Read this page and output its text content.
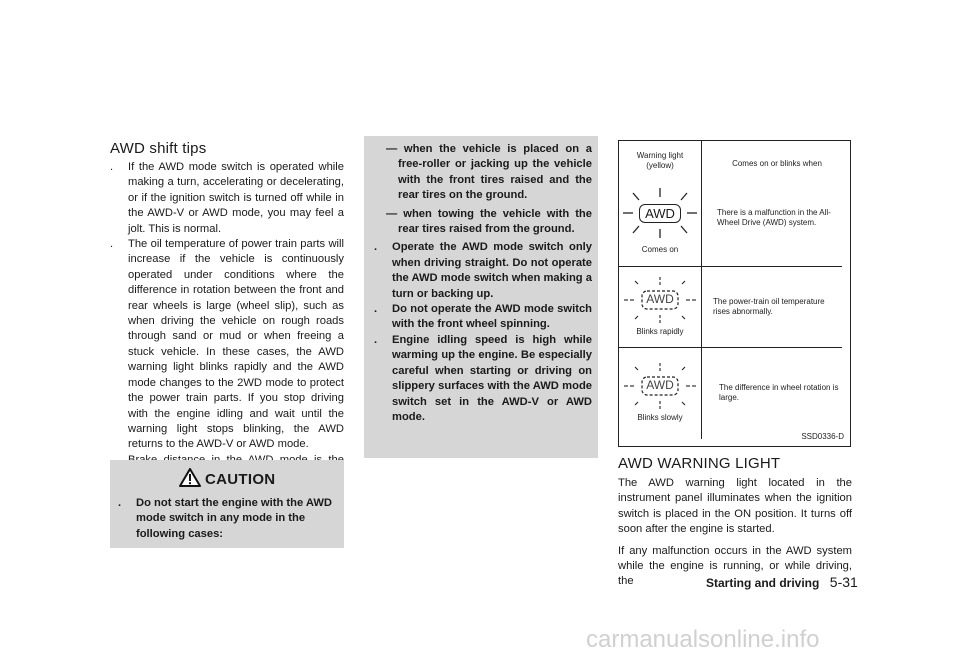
AWD shift tips

. If the AWD mode switch is operated while making a turn, accelerating or decelerating, or if the ignition switch is turned off while in the AWD-V or AWD mode, you may feel a jolt. This is normal.

. The oil temperature of power train parts will increase if the vehicle is continuously operated under conditions where the difference in rotation between the front and rear wheels is large (wheel slip), such as when driving the vehicle on rough roads through sand or mud or when freeing a stuck vehicle. In these cases, the AWD warning light blinks rapidly and the AWD mode changes to the 2WD mode to protect the power train parts. If you stop driving with the engine idling and wait until the warning light stops blinking, the AWD returns to the AWD-V or AWD mode.

CAUTION

. Do not start the engine with the AWD mode switch in any mode in the following cases:

— when the vehicle is placed on a free-roller or jacking up the vehicle with the front tires raised and the rear tires on the ground.

— when towing the vehicle with the rear tires raised from the ground.

. Operate the AWD mode switch only when driving straight. Do not operate the AWD mode switch when making a turn or backing up.

. Do not operate the AWD mode switch with the front wheel spinning.

. Engine idling speed is high while warming up the engine. Be especially careful when starting or driving on slippery surfaces with the AWD mode switch set in the AWD-V or AWD mode.

Warning light
(yellow)	Comes on or blinks when
AWD
Comes on
There is a malfunction in the All-Wheel Drive (AWD) system.
AWD
Blinks rapidly
The power-train oil temperature rises abnormally.
AWD
Blinks slowly
The difference in wheel rotation is large.
SSD0336-D
AWD WARNING LIGHT

The AWD warning light located in the instrument panel illuminates when the ignition switch is placed in the ON position. It turns off soon after the engine is started.

If any malfunction occurs in the AWD system while the engine is running, or while driving, the	Starting and driving 5-31
carmanualsonline.info
